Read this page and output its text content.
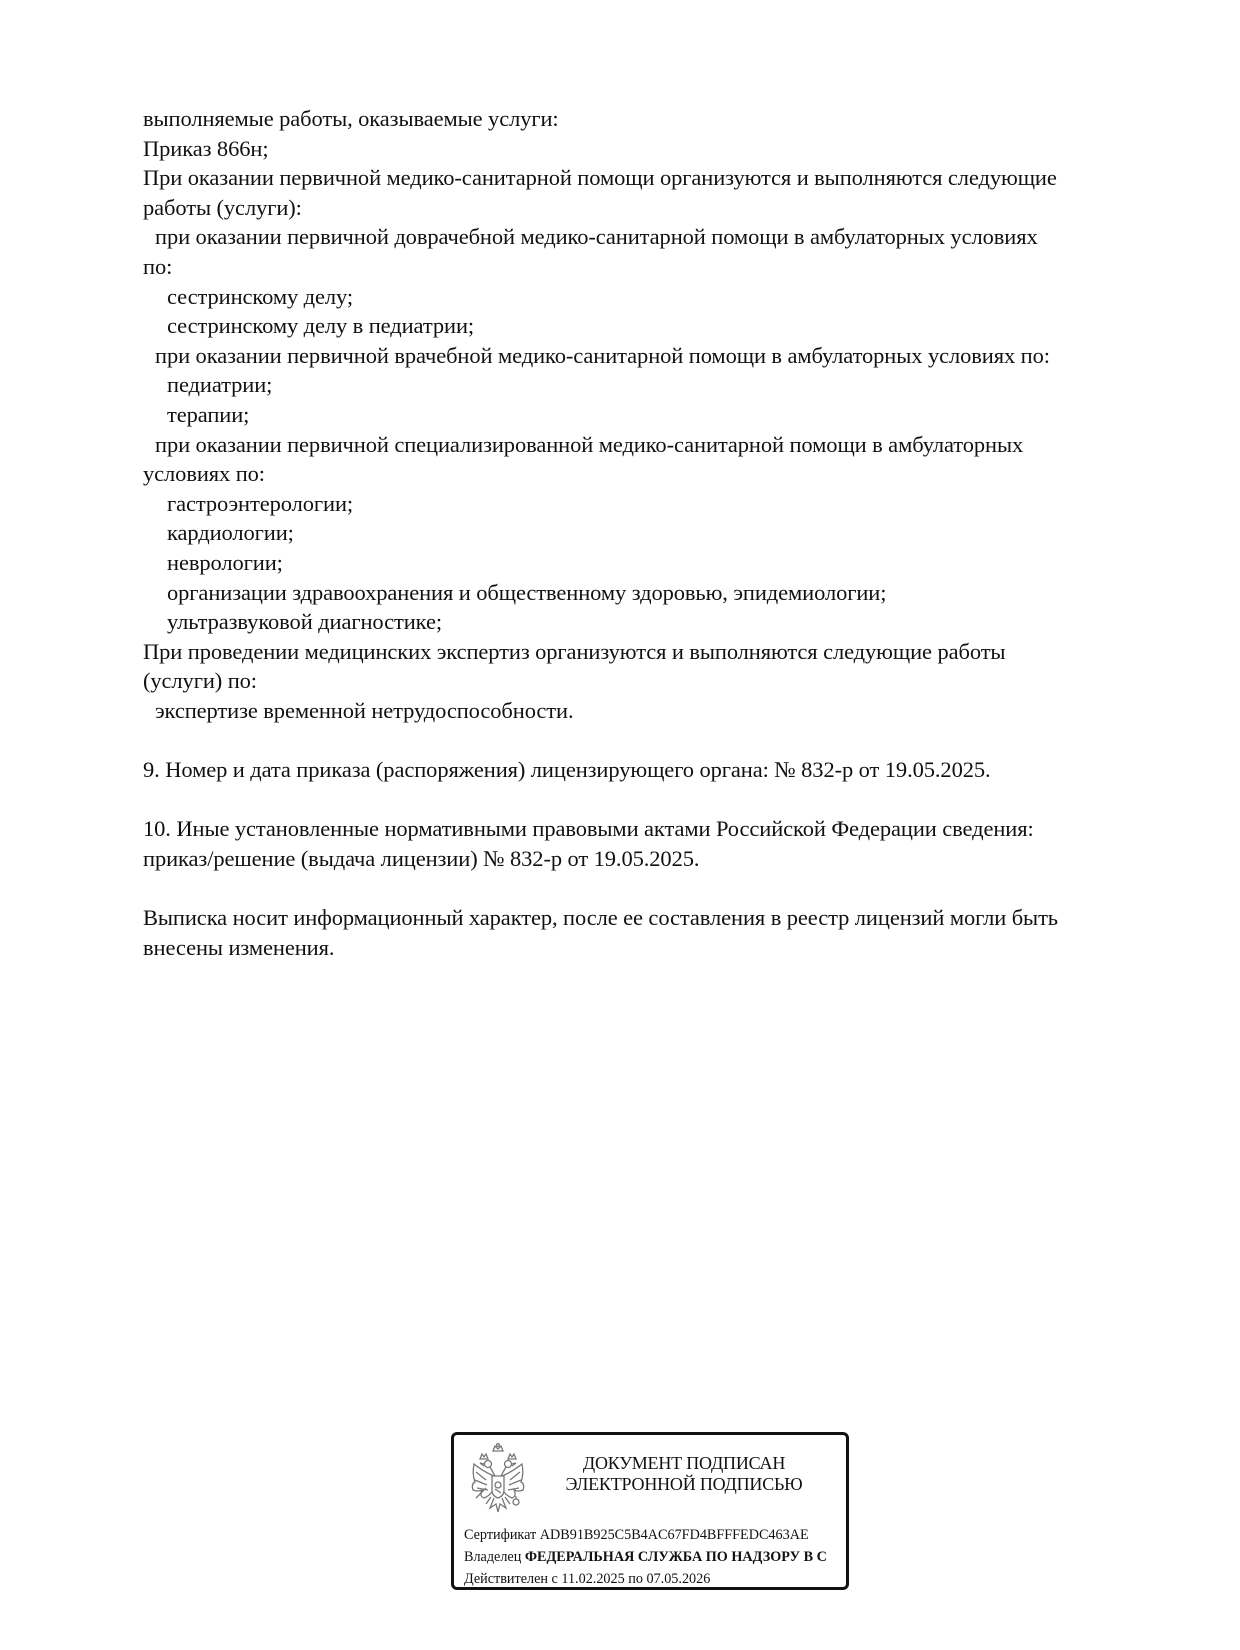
выполняемые работы, оказываемые услуги:
Приказ 866н;
При оказании первичной медико-санитарной помощи организуются и выполняются следующие
работы (услуги):
при оказании первичной доврачебной медико-санитарной помощи в амбулаторных условиях
по:
сестринскому делу;
сестринскому делу в педиатрии;
при оказании первичной врачебной медико-санитарной помощи в амбулаторных условиях по:
педиатрии;
терапии;
при оказании первичной специализированной медико-санитарной помощи в амбулаторных
условиях по:
гастроэнтерологии;
кардиологии;
неврологии;
организации здравоохранения и общественному здоровью, эпидемиологии;
ультразвуковой диагностике;
При проведении медицинских экспертиз организуются и выполняются следующие работы
(услуги) по:
экспертизе временной нетрудоспособности.
9. Номер и дата приказа (распоряжения) лицензирующего органа: № 832-р от 19.05.2025.
10. Иные установленные нормативными правовыми актами Российской Федерации сведения:
приказ/решение (выдача лицензии) № 832-р от 19.05.2025.
Выписка носит информационный характер, после ее составления в реестр лицензий могли быть
внесены изменения.
ДОКУМЕНТ ПОДПИСАН
ЭЛЕКТРОННОЙ ПОДПИСЬЮ
Сертификат ADB91B925C5B4AC67FD4BFFFEDC463AE
Владелец ФЕДЕРАЛЬНАЯ СЛУЖБА ПО НАДЗОРУ В С
Действителен с 11.02.2025 по 07.05.2026
